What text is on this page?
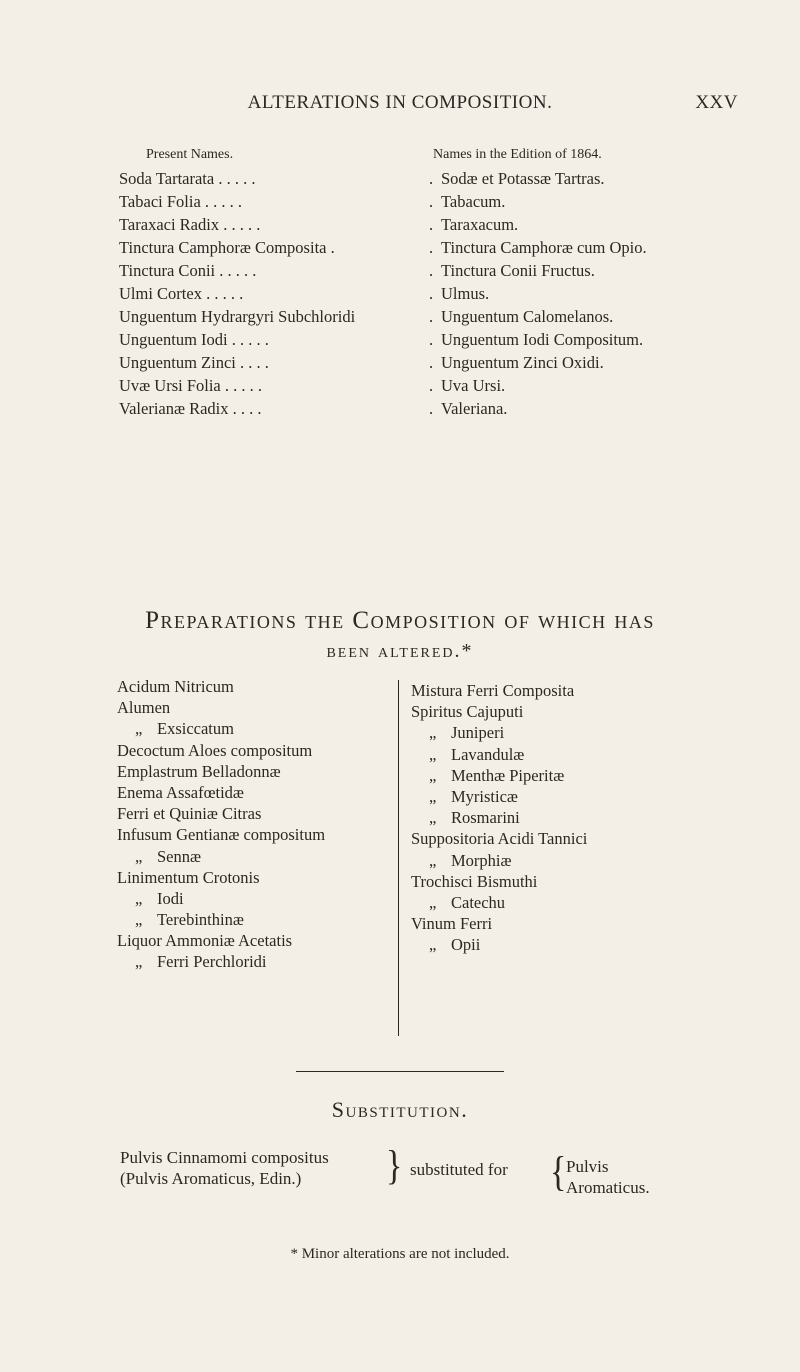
ALTERATIONS IN COMPOSITION.	XXV
Present Names.	Names in the Edition of 1864.
Soda Tartarata . . . . .	. Sodæ et Potassæ Tartras.
Tabaci Folia . . . . .	. Tabacum.
Taraxaci Radix . . . . .	. Taraxacum.
Tinctura Camphoræ Composita .	. Tinctura Camphoræ cum Opio.
Tinctura Conii . . . . .	. Tinctura Conii Fructus.
Ulmi Cortex . . . . .	. Ulmus.
Unguentum Hydrargyri Subchloridi	. Unguentum Calomelanos.
Unguentum Iodi . . . . .	. Unguentum Iodi Compositum.
Unguentum Zinci . . . .	. Unguentum Zinci Oxidi.
Uvæ Ursi Folia . . . . .	. Uva Ursi.
Valerianæ Radix . . . .	. Valeriana.
Preparations the Composition of which has
been altered.*
Acidum Nitricum
Alumen
„ Exsiccatum
Decoctum Aloes compositum
Emplastrum Belladonnæ
Enema Assafœtidæ
Ferri et Quiniæ Citras
Infusum Gentianæ compositum
„ Sennæ
Linimentum Crotonis
„ Iodi
„ Terebinthinæ
Liquor Ammoniæ Acetatis
„ Ferri Perchloridi
Mistura Ferri Composita
Spiritus Cajuputi
„ Juniperi
„ Lavandulæ
„ Menthæ Piperitæ
„ Myristicæ
„ Rosmarini
Suppositoria Acidi Tannici
„ Morphiæ
Trochisci Bismuthi
„ Catechu
Vinum Ferri
„ Opii
Substitution.
Pulvis Cinnamomi compositus
(Pulvis Aromaticus, Edin.) } substituted for { Pulvis
Aromaticus.
* Minor alterations are not included.
